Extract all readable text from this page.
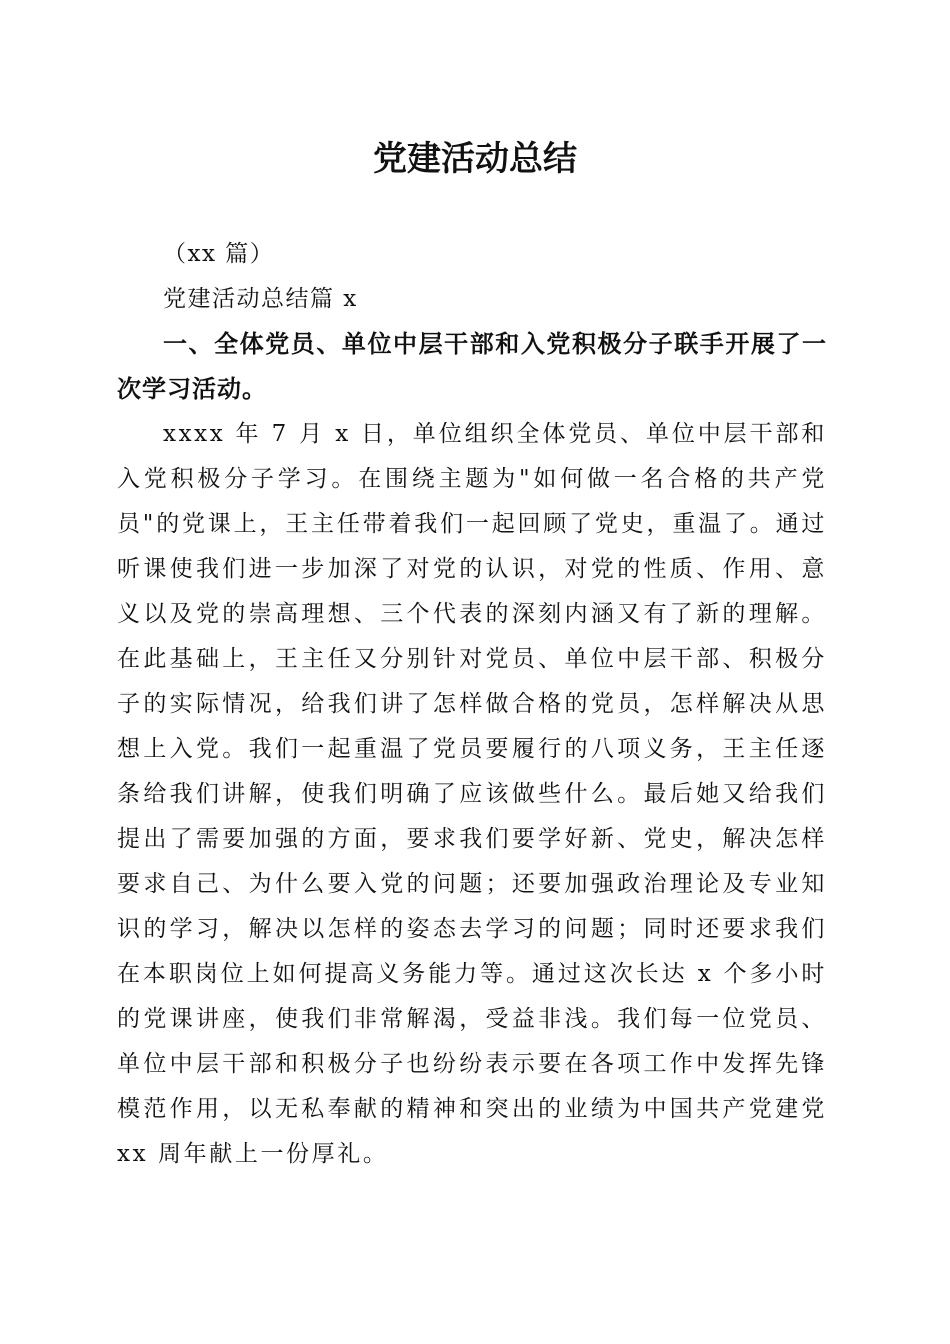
党建活动总结

（xx 篇）

党建活动总结篇 x

一、全体党员、单位中层干部和入党积极分子联手开展了一次学习活动。

xxxx 年 7 月 x 日，单位组织全体党员、单位中层干部和入党积极分子学习。在围绕主题为"如何做一名合格的共产党员"的党课上，王主任带着我们一起回顾了党史，重温了。通过听课使我们进一步加深了对党的认识，对党的性质、作用、意义以及党的崇高理想、三个代表的深刻内涵又有了新的理解。在此基础上，王主任又分别针对党员、单位中层干部、积极分子的实际情况，给我们讲了怎样做合格的党员，怎样解决从思想上入党。我们一起重温了党员要履行的八项义务，王主任逐条给我们讲解，使我们明确了应该做些什么。最后她又给我们提出了需要加强的方面，要求我们要学好新、党史，解决怎样要求自己、为什么要入党的问题；还要加强政治理论及专业知识的学习，解决以怎样的姿态去学习的问题；同时还要求我们在本职岗位上如何提高义务能力等。通过这次长达 x 个多小时的党课讲座，使我们非常解渴，受益非浅。我们每一位党员、单位中层干部和积极分子也纷纷表示要在各项工作中发挥先锋模范作用，以无私奉献的精神和突出的业绩为中国共产党建党 xx 周年献上一份厚礼。
